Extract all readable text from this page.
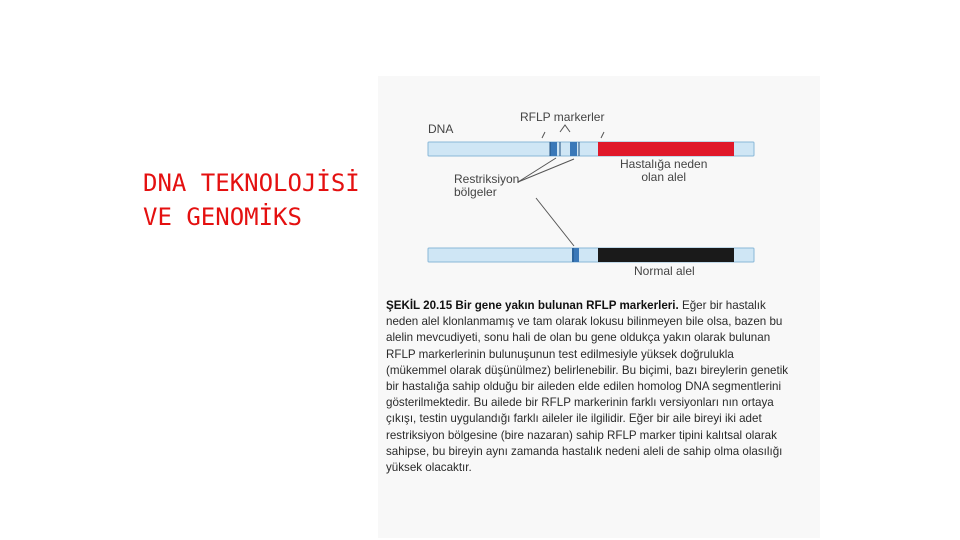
DNA TEKNOLOJİSİ
VE GENOMİKS
DNA
RFLP markerler
Restriksiyon
bölgeler
Hastalığa neden
olan alel
Normal alel
ŞEKİL 20.15 Bir gene yakın bulunan RFLP markerleri. Eğer bir hastalık neden alel klonlanmamış ve tam olarak lokusu bilinmeyen bile olsa, bazen bu alelin mevcudiyeti, sonu hali de olan bu gene oldukça yakın olarak bulunan RFLP markerlerinin bulunuşunun test edilmesiyle yüksek doğrulukla (mükemmel olarak düşünülmez) belirlenebilir. Bu biçimi, bazı bireylerin genetik bir hastalığa sahip olduğu bir aileden elde edilen homolog DNA segmentlerini gösterilmektedir. Bu ailede bir RFLP markerinin farklı versiyonları nın ortaya çıkışı, testin uygulandığı farklı aileler ile ilgilidir. Eğer bir aile bireyi iki adet restriksiyon bölgesine (bire nazaran) sahip RFLP marker tipini kalıtsal olarak sahipse, bu bireyin aynı zamanda hastalık nedeni aleli de sahip olma olasılığı yüksek olacaktır.
